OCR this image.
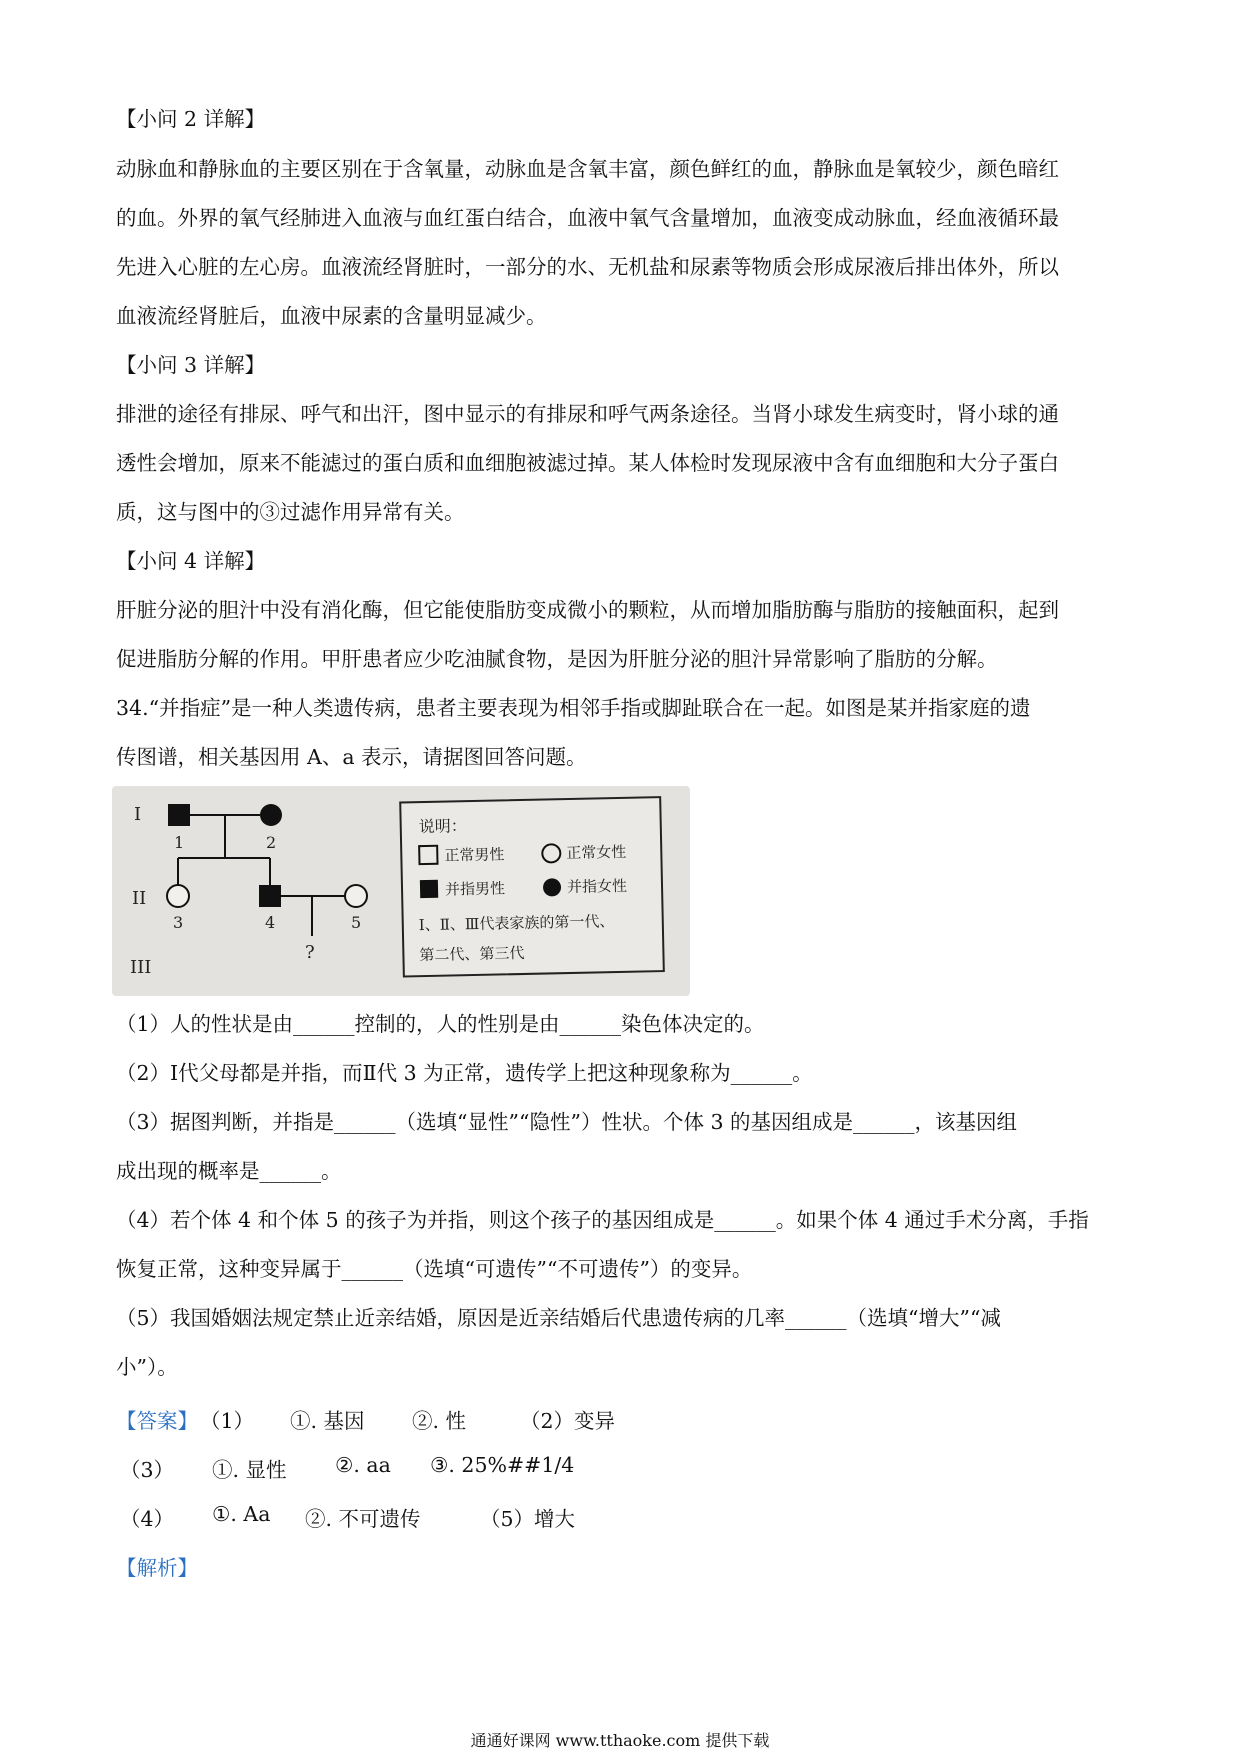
【小问 2 详解】
动脉血和静脉血的主要区别在于含氧量，动脉血是含氧丰富，颜色鲜红的血，静脉血是氧较少，颜色暗红
的血。外界的氧气经肺进入血液与血红蛋白结合，血液中氧气含量增加，血液变成动脉血，经血液循环最
先进入心脏的左心房。血液流经肾脏时，一部分的水、无机盐和尿素等物质会形成尿液后排出体外，所以
血液流经肾脏后，血液中尿素的含量明显减少。
【小问 3 详解】
排泄的途径有排尿、呼气和出汗，图中显示的有排尿和呼气两条途径。当肾小球发生病变时，肾小球的通
透性会增加，原来不能滤过的蛋白质和血细胞被滤过掉。某人体检时发现尿液中含有血细胞和大分子蛋白
质，这与图中的③过滤作用异常有关。
【小问 4 详解】
肝脏分泌的胆汁中没有消化酶，但它能使脂肪变成微小的颗粒，从而增加脂肪酶与脂肪的接触面积，起到
促进脂肪分解的作用。甲肝患者应少吃油腻食物，是因为肝脏分泌的胆汁异常影响了脂肪的分解。
34.“并指症”是一种人类遗传病，患者主要表现为相邻手指或脚趾联合在一起。如图是某并指家庭的遗
传图谱，相关基因用 A、a 表示，请据图回答问题。
I
II
III
1	2
3	4	5
?
说明：
正常男性	正常女性
并指男性	并指女性
Ⅰ、Ⅱ、Ⅲ代表家族的第一代、
第二代、第三代
（1）人的性状是由______控制的，人的性别是由______染色体决定的。
（2）Ⅰ代父母都是并指，而Ⅱ代 3 为正常，遗传学上把这种现象称为______。
（3）据图判断，并指是______（选填“显性”“隐性”）性状。个体 3 的基因组成是______，该基因组
成出现的概率是______。
（4）若个体 4 和个体 5 的孩子为并指，则这个孩子的基因组成是______。如果个体 4 通过手术分离，手指
恢复正常，这种变异属于______（选填“可遗传”“不可遗传”）的变异。
（5）我国婚姻法规定禁止近亲结婚，原因是近亲结婚后代患遗传病的几率______（选填“增大”“减
小”）。
【答案】 （1） ①. 基因 ②. 性	（2）变异
（3） ①. 显性 ②. aa ③. 25%##1/4
（4） ①. Aa ②. 不可遗传	（5）增大
【解析】
通通好课网 www.tthaoke.com 提供下载
